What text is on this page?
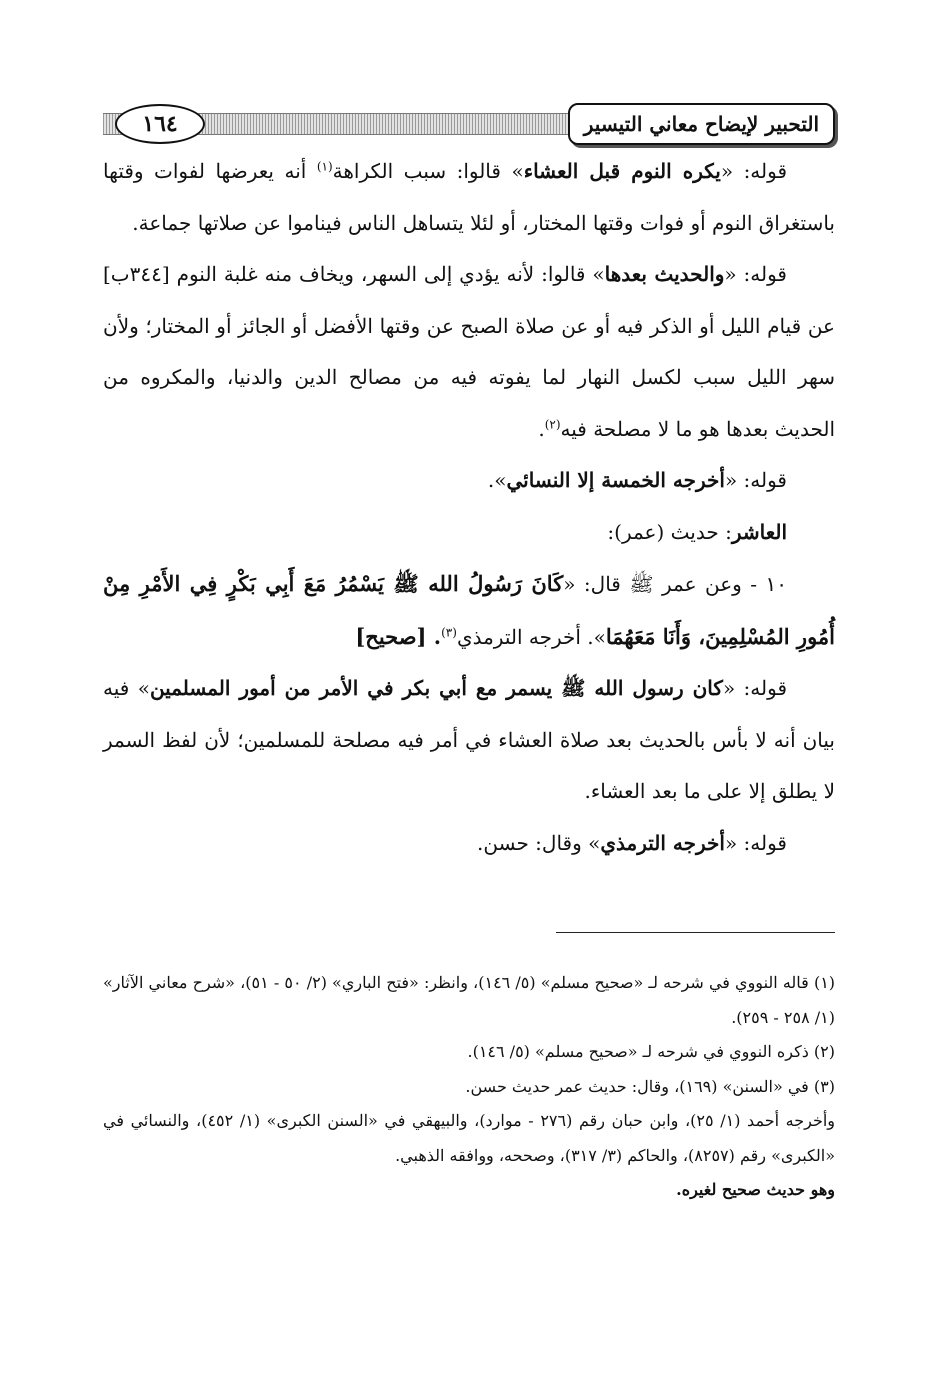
التحبير لإيضاح معاني التيسير
١٦٤

قوله: «يكره النوم قبل العشاء» قالوا: سبب الكراهة$^{(١)}$ أنه يعرضها لفوات وقتها باستغراق النوم أو فوات وقتها المختار، أو لئلا يتساهل الناس فيناموا عن صلاتها جماعة.

قوله: «والحديث بعدها» قالوا: لأنه يؤدي إلى السهر، ويخاف منه غلبة النوم [٣٤٤ب] عن قيام الليل أو الذكر فيه أو عن صلاة الصبح عن وقتها الأفضل أو الجائز أو المختار؛ ولأن سهر الليل سبب لكسل النهار لما يفوته فيه من مصالح الدين والدنيا، والمكروه من الحديث بعدها هو ما لا مصلحة فيه$^{(٢)}$.

قوله: «أخرجه الخمسة إلا النسائي».

العاشر: حديث (عمر):

١٠ - وعن عمر ﷺ قال: «كَانَ رَسُولُ الله ﷺ يَسْمُرُ مَعَ أَبِي بَكْرٍ فِي الأَمْرِ مِنْ أُمُورِ المُسْلِمِينَ، وَأَنَا مَعَهُمَا». أخرجه الترمذي$^{(٣)}$. [صحيح]

قوله: «كان رسول الله ﷺ يسمر مع أبي بكر في الأمر من أمور المسلمين» فيه بيان أنه لا بأس بالحديث بعد صلاة العشاء في أمر فيه مصلحة للمسلمين؛ لأن لفظ السمر لا يطلق إلا على ما بعد العشاء.

قوله: «أخرجه الترمذي» وقال: حسن.

(١) قاله النووي في شرحه لـ «صحيح مسلم» (٥/ ١٤٦)، وانظر: «فتح الباري» (٢/ ٥٠ - ٥١)، «شرح معاني الآثار» (١/ ٢٥٨ - ٢٥٩).

(٢) ذكره النووي في شرحه لـ «صحيح مسلم» (٥/ ١٤٦).

(٣) في «السنن» (١٦٩)، وقال: حديث عمر حديث حسن.

وأخرجه أحمد (١/ ٢٥)، وابن حبان رقم (٢٧٦ - موارد)، والبيهقي في «السنن الكبرى» (١/ ٤٥٢)، والنسائي في «الكبرى» رقم (٨٢٥٧)، والحاكم (٣/ ٣١٧)، وصححه، ووافقه الذهبي.

وهو حديث صحيح لغيره.
